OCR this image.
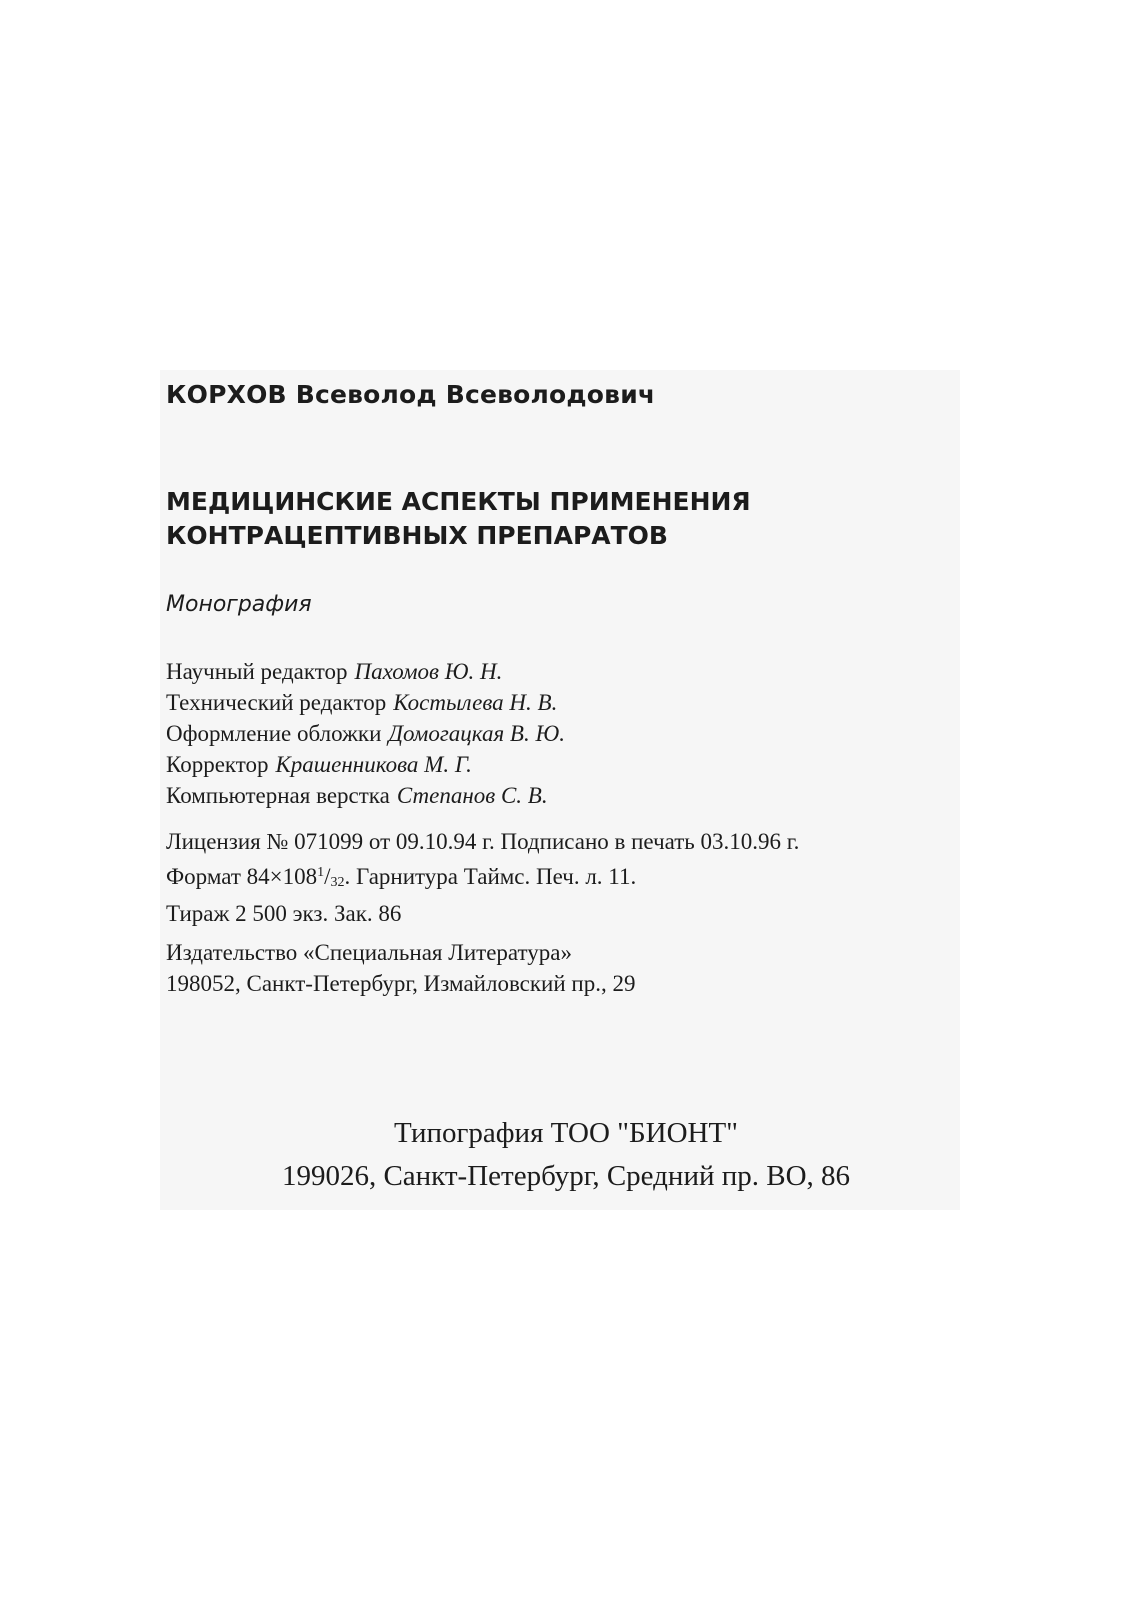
КОРХОВ Всеволод Всеволодович
МЕДИЦИНСКИЕ АСПЕКТЫ ПРИМЕНЕНИЯ
КОНТРАЦЕПТИВНЫХ ПРЕПАРАТОВ
Монография
Научный редактор Пахомов Ю. Н.
Технический редактор Костылева Н. В.
Оформление обложки Домогацкая В. Ю.
Корректор Крашенникова М. Г.
Компьютерная верстка Степанов С. В.
Лицензия № 071099 от 09.10.94 г. Подписано в печать 03.10.96 г.
Формат $84\times 108^1/_{32}$. Гарнитура Таймс. Печ. л. 11.
Тираж 2 500 экз. Зак. 86
Издательство «Специальная Литература»
198052, Санкт-Петербург, Измайловский пр., 29
Типография ТОО "БИОНТ"
199026, Санкт-Петербург, Средний пр. ВО, 86
